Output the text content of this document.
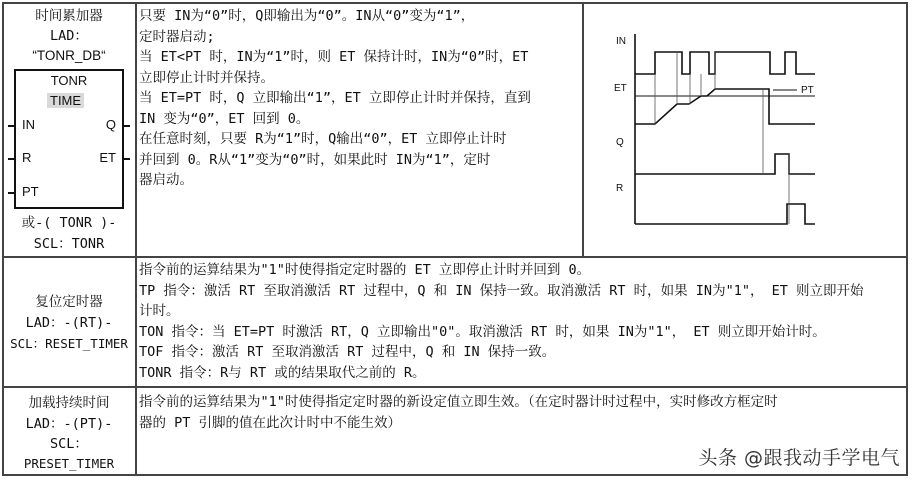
时间累加器
LAD：
“TONR_DB“
TONR
TIME
IN
R
PT
Q
ET
或-( TONR )-
SCL：TONR
只要 IN为“0”时，Q即输出为“0”。IN从“0”变为“1”，
定时器启动;
当 ET<PT 时，IN为“1”时，则 ET 保持计时，IN为“0”时，ET
立即停止计时并保持。
当 ET=PT 时，Q 立即输出“1”，ET 立即停止计时并保持，直到
IN 变为“0”，ET 回到 0。
在任意时刻，只要 R为“1”时，Q输出“0”，ET 立即停止计时
并回到 0。R从“1”变为“0”时，如果此时 IN为“1”，定时
器启动。
IN
ET	PT
Q
R
复位定时器
LAD：-(RT)-
SCL：RESET_TIMER
指令前的运算结果为"1"时使得指定定时器的 ET 立即停止计时并回到 0。
TP 指令：激活 RT 至取消激活 RT 过程中，Q 和 IN 保持一致。取消激活 RT 时，如果 IN为"1"， ET 则立即开始
计时。
TON 指令：当 ET=PT 时激活 RT，Q 立即输出"0"。取消激活 RT 时，如果 IN为"1"， ET 则立即开始计时。
TOF 指令：激活 RT 至取消激活 RT 过程中，Q 和 IN 保持一致。
TONR 指令：R与 RT 或的结果取代之前的 R。
加载持续时间
LAD：-(PT)-
SCL：
PRESET_TIMER
指令前的运算结果为"1"时使得指定定时器的新设定值立即生效。（在定时器计时过程中，实时修改方框定时
器的 PT 引脚的值在此次计时中不能生效）
头条 @跟我动手学电气
